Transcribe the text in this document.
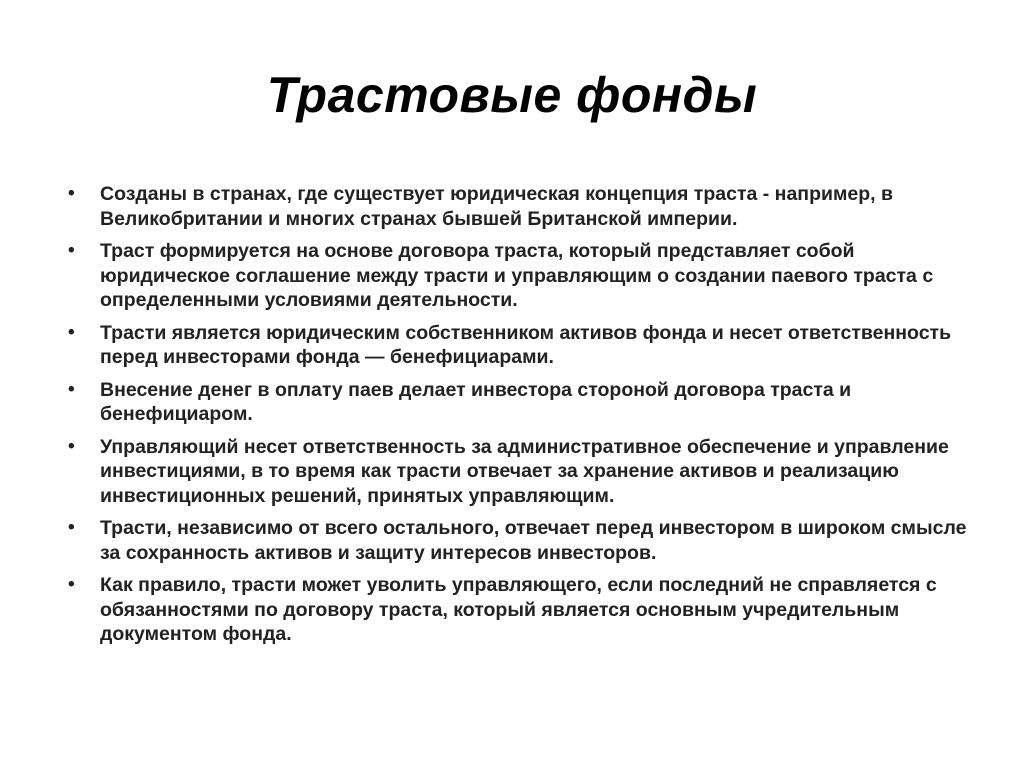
Трастовые фонды
•	Созданы в странах, где существует юридическая концепция траста - например, в Великобритании и многих странах бывшей Британской империи.
•	Траст формируется на основе договора траста, который представляет собой юридическое соглашение между трасти и управляющим о создании паевого траста с определенными условиями деятельности.
•	Трасти является юридическим собственником активов фонда и несет ответственность перед инвесторами фонда — бенефициарами.
•	Внесение денег в оплату паев делает инвестора стороной договора траста и бенефициаром.
•	Управляющий несет ответственность за административное обеспечение и управление инвестициями, в то время как трасти отвечает за хранение активов и реализацию инвестиционных решений, принятых управляющим.
•	Трасти, независимо от всего остального, отвечает перед инвестором в широком смысле за сохранность активов и защиту интересов инвесторов.
•	Как правило, трасти может уволить управляющего, если последний не справляется с обязанностями по договору траста, который является основным учредительным документом фонда.
